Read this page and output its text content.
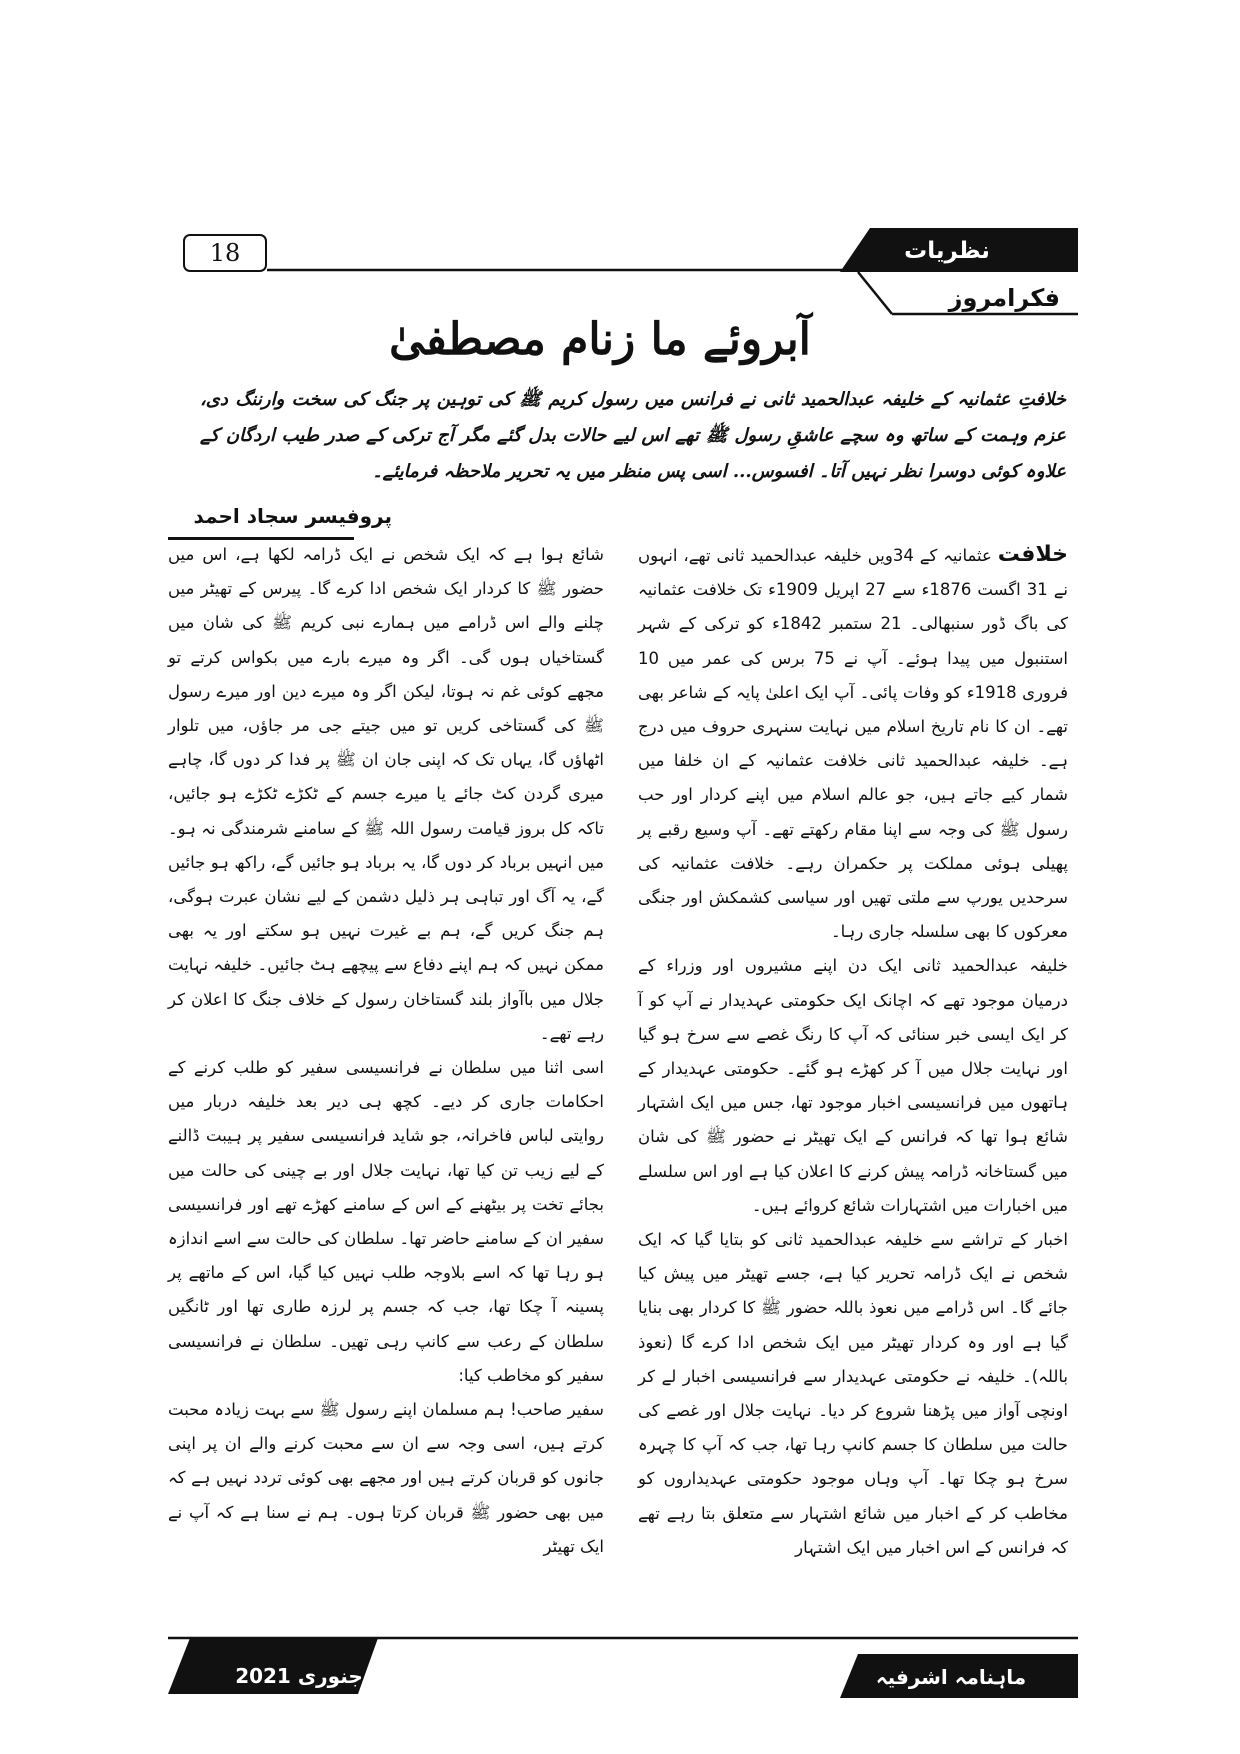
18	نظریات
فکرامروز
آبروئے ما زنام مصطفیٰ
خلافتِ عثمانیہ کے خلیفہ عبدالحمید ثانی نے فرانس میں رسول کریم ﷺ کی توہین پر جنگ کی سخت وارننگ دی، عزم وہمت کے ساتھ وہ سچے عاشقِ رسول ﷺ تھے اس لیے حالات بدل گئے مگر آج ترکی کے صدر طیب اردگان کے علاوہ کوئی دوسرا نظر نہیں آتا۔ افسوس... اسی پس منظر میں یہ تحریر ملاحظہ فرمایئے۔
پروفیسر سجاد احمد

خلافت عثمانیہ کے 34ویں خلیفہ عبدالحمید ثانی تھے، انہوں نے 31 اگست 1876ء سے 27 اپریل 1909ء تک خلافت عثمانیہ کی باگ ڈور سنبھالی۔ 21 ستمبر 1842ء کو ترکی کے شہر استنبول میں پیدا ہوئے۔ آپ نے 75 برس کی عمر میں 10 فروری 1918ء کو وفات پائی۔ آپ ایک اعلیٰ پایہ کے شاعر بھی تھے۔ ان کا نام تاریخ اسلام میں نہایت سنہری حروف میں درج ہے۔ خلیفہ عبدالحمید ثانی خلافت عثمانیہ کے ان خلفا میں شمار کیے جاتے ہیں، جو عالم اسلام میں اپنے کردار اور حب رسول ﷺ کی وجہ سے اپنا مقام رکھتے تھے۔ آپ وسیع رقبے پر پھیلی ہوئی مملکت پر حکمران رہے۔ خلافت عثمانیہ کی سرحدیں یورپ سے ملتی تھیں اور سیاسی کشمکش اور جنگی معرکوں کا بھی سلسلہ جاری رہا۔

خلیفہ عبدالحمید ثانی ایک دن اپنے مشیروں اور وزراء کے درمیان موجود تھے کہ اچانک ایک حکومتی عہدیدار نے آپ کو آ کر ایک ایسی خبر سنائی کہ آپ کا رنگ غصے سے سرخ ہو گیا اور نہایت جلال میں آ کر کھڑے ہو گئے۔ حکومتی عہدیدار کے ہاتھوں میں فرانسیسی اخبار موجود تھا، جس میں ایک اشتہار شائع ہوا تھا کہ فرانس کے ایک تھیٹر نے حضور ﷺ کی شان میں گستاخانہ ڈرامہ پیش کرنے کا اعلان کیا ہے اور اس سلسلے میں اخبارات میں اشتہارات شائع کروائے ہیں۔

اخبار کے تراشے سے خلیفہ عبدالحمید ثانی کو بتایا گیا کہ ایک شخص نے ایک ڈرامہ تحریر کیا ہے، جسے تھیٹر میں پیش کیا جائے گا۔ اس ڈرامے میں نعوذ باللہ حضور ﷺ کا کردار بھی بنایا گیا ہے اور وہ کردار تھیٹر میں ایک شخص ادا کرے گا (نعوذ باللہ)۔ خلیفہ نے حکومتی عہدیدار سے فرانسیسی اخبار لے کر اونچی آواز میں پڑھنا شروع کر دیا۔ نہایت جلال اور غصے کی حالت میں سلطان کا جسم کانپ رہا تھا، جب کہ آپ کا چہرہ سرخ ہو چکا تھا۔ آپ وہاں موجود حکومتی عہدیداروں کو مخاطب کر کے اخبار میں شائع اشتہار سے متعلق بتا رہے تھے کہ فرانس کے اس اخبار میں ایک اشتہار

شائع ہوا ہے کہ ایک شخص نے ایک ڈرامہ لکھا ہے، اس میں حضور ﷺ کا کردار ایک شخص ادا کرے گا۔ پیرس کے تھیٹر میں چلنے والے اس ڈرامے میں ہمارے نبی کریم ﷺ کی شان میں گستاخیاں ہوں گی۔ اگر وہ میرے بارے میں بکواس کرتے تو مجھے کوئی غم نہ ہوتا، لیکن اگر وہ میرے دین اور میرے رسول ﷺ کی گستاخی کریں تو میں جیتے جی مر جاؤں، میں تلوار اٹھاؤں گا، یہاں تک کہ اپنی جان ان ﷺ پر فدا کر دوں گا، چاہے میری گردن کٹ جائے یا میرے جسم کے ٹکڑے ٹکڑے ہو جائیں، تاکہ کل بروز قیامت رسول اللہ ﷺ کے سامنے شرمندگی نہ ہو۔ میں انہیں برباد کر دوں گا، یہ برباد ہو جائیں گے، راکھ ہو جائیں گے، یہ آگ اور تباہی ہر ذلیل دشمن کے لیے نشان عبرت ہوگی، ہم جنگ کریں گے، ہم بے غیرت نہیں ہو سکتے اور یہ بھی ممکن نہیں کہ ہم اپنے دفاع سے پیچھے ہٹ جائیں۔ خلیفہ نہایت جلال میں باآواز بلند گستاخان رسول کے خلاف جنگ کا اعلان کر رہے تھے۔

اسی اثنا میں سلطان نے فرانسیسی سفیر کو طلب کرنے کے احکامات جاری کر دیے۔ کچھ ہی دیر بعد خلیفہ دربار میں روایتی لباس فاخرانہ، جو شاید فرانسیسی سفیر پر ہیبت ڈالنے کے لیے زیب تن کیا تھا، نہایت جلال اور بے چینی کی حالت میں بجائے تخت پر بیٹھنے کے اس کے سامنے کھڑے تھے اور فرانسیسی سفیر ان کے سامنے حاضر تھا۔ سلطان کی حالت سے اسے اندازہ ہو رہا تھا کہ اسے بلاوجہ طلب نہیں کیا گیا، اس کے ماتھے پر پسینہ آ چکا تھا، جب کہ جسم پر لرزہ طاری تھا اور ٹانگیں سلطان کے رعب سے کانپ رہی تھیں۔ سلطان نے فرانسیسی سفیر کو مخاطب کیا:

سفیر صاحب! ہم مسلمان اپنے رسول ﷺ سے بہت زیادہ محبت کرتے ہیں، اسی وجہ سے ان سے محبت کرنے والے ان پر اپنی جانوں کو قربان کرتے ہیں اور مجھے بھی کوئی تردد نہیں ہے کہ میں بھی حضور ﷺ قربان کرتا ہوں۔ ہم نے سنا ہے کہ آپ نے ایک تھیٹر

جنوری 2021	ماہنامہ اشرفیہ
